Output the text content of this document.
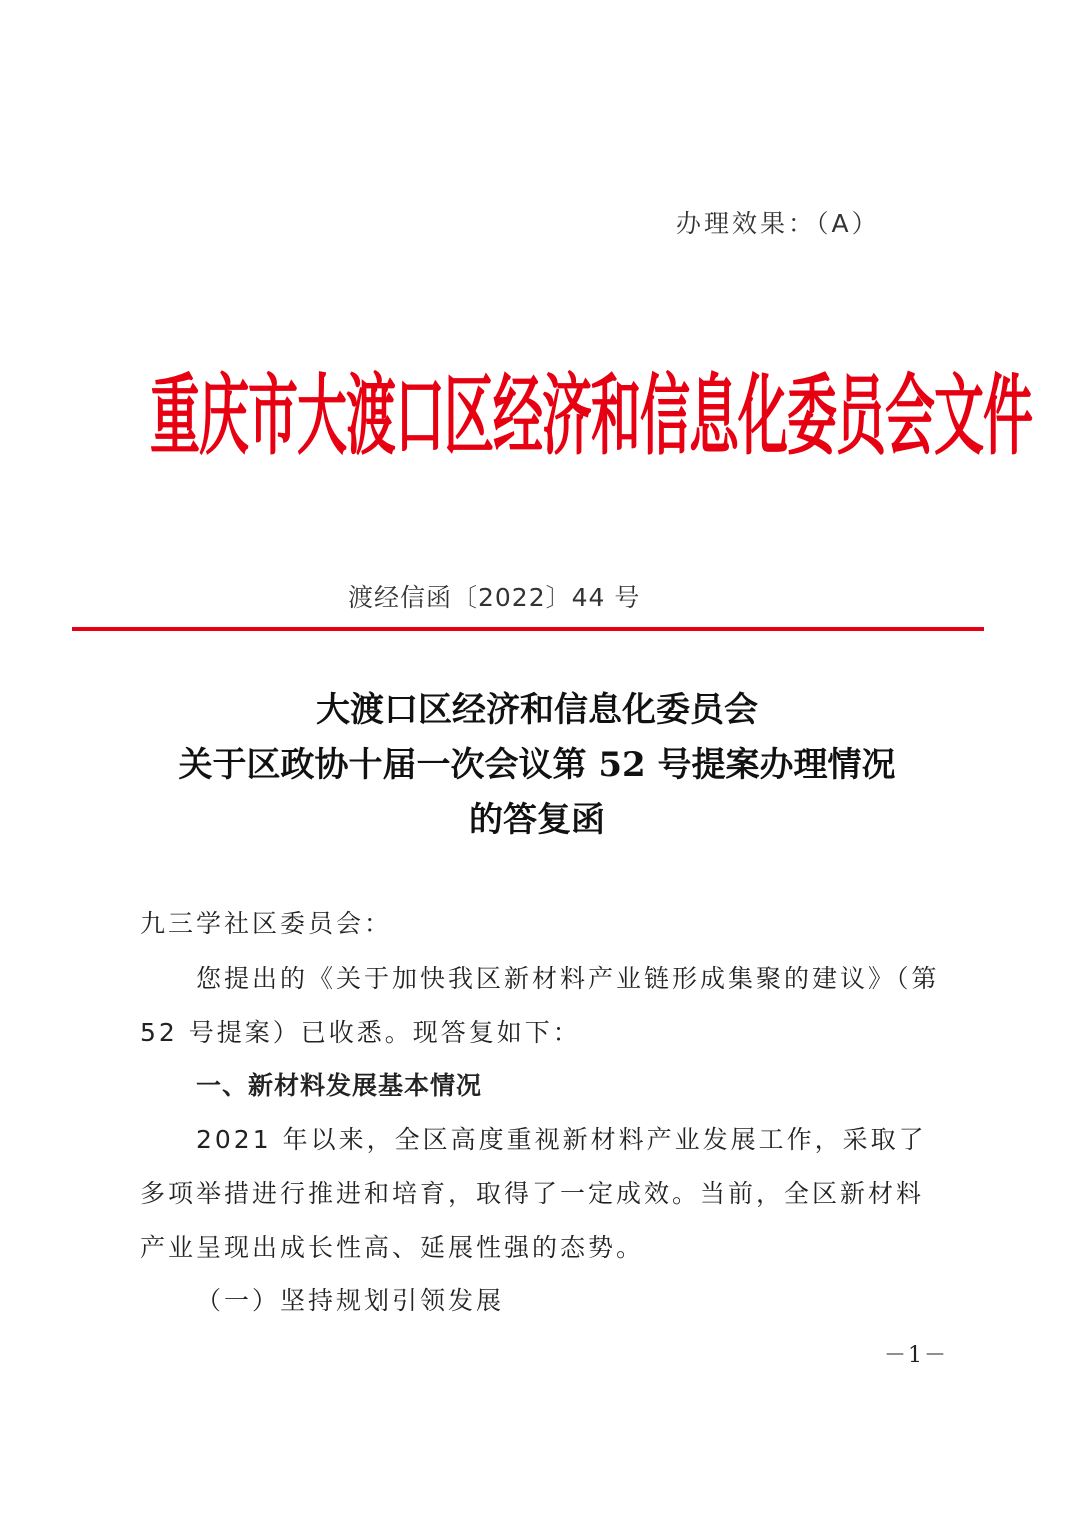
办理效果：（A）
重庆市大渡口区经济和信息化委员会文件
渡经信函〔2022〕44 号
大渡口区经济和信息化委员会
关于区政协十届一次会议第 52 号提案办理情况
的答复函
九三学社区委员会：
您提出的《关于加快我区新材料产业链形成集聚的建议》（第
52 号提案）已收悉。现答复如下：
一、新材料发展基本情况
2021 年以来，全区高度重视新材料产业发展工作，采取了
多项举措进行推进和培育，取得了一定成效。当前，全区新材料
产业呈现出成长性高、延展性强的态势。
（一）坚持规划引领发展
－1－
